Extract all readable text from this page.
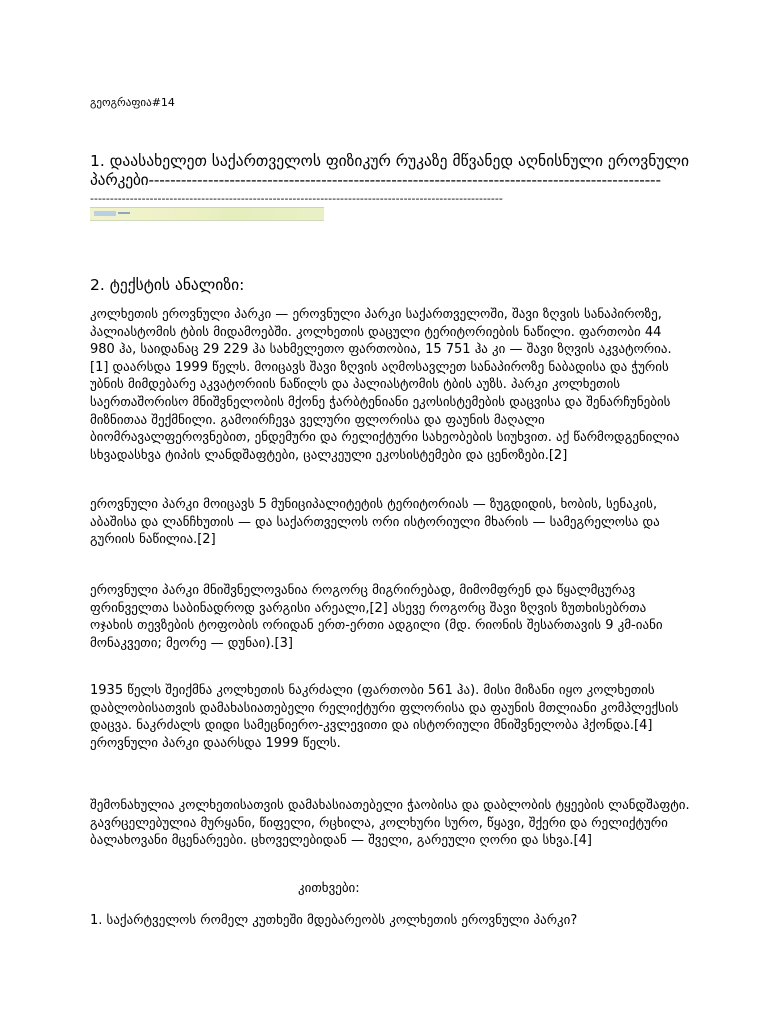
გეოგრაფია#14
1. დაასახელეთ საქართველოს ფიზიკურ რუკაზე მწვანედ აღნისნული ეროვნული
პარკები-----------------------------------------------------------------------------------------------
--------------------------------------------------------------------------------------------------------
2. ტექსტის ანალიზი:

კოლხეთის ეროვნული პარკი — ეროვნული პარკი საქართველოში, შავი ზღვის სანაპიროზე, პალიასტომის ტბის მიდამოებში. კოლხეთის დაცული ტერიტორიების ნაწილი. ფართობი 44 980 ჰა, საიდანაც 29 229 ჰა სახმელეთო ფართობია, 15 751 ჰა კი — შავი ზღვის აკვატორია.[1] დაარსდა 1999 წელს. მოიცავს შავი ზღვის აღმოსავლეთ სანაპიროზე ნაბადისა და ჭურის უბნის მიმდებარე აკვატორიის ნაწილს და პალიასტომის ტბის აუზს. პარკი კოლხეთის საერთაშორისო მნიშვნელობის მქონე ჭარბტენიანი ეკოსისტემების დაცვისა და შენარჩუნების მიზნითაა შექმნილი. გამოირჩევა ველური ფლორისა და ფაუნის მაღალი ბიომრავალფეროვნებით, ენდემური და რელიქტური სახეობების სიუხვით. აქ წარმოდგენილია სხვადასხვა ტიპის ლანდშაფტები, ცალკეული ეკოსისტემები და ცენოზები.[2]

ეროვნული პარკი მოიცავს 5 მუნიციპალიტეტის ტერიტორიას — ზუგდიდის, ხობის, სენაკის, აბაშისა და ლანჩხუთის — და საქართველოს ორი ისტორიული მხარის — სამეგრელოსა და გურიის ნაწილია.[2]

ეროვნული პარკი მნიშვნელოვანია როგორც მიგრირებად, მიმომფრენ და წყალმცურავ ფრინველთა საბინადროდ ვარგისი არეალი,[2] ასევე როგორც შავი ზღვის ზუთხისებრთა ოჯახის თევზების ტოფობის ორიდან ერთ-ერთი ადგილი (მდ. რიონის შესართავის 9 კმ-იანი მონაკვეთი; მეორე — დუნაი).[3]

1935 წელს შეიქმნა კოლხეთის ნაკრძალი (ფართობი 561 ჰა). მისი მიზანი იყო კოლხეთის დაბლობისათვის დამახასიათებელი რელიქტური ფლორისა და ფაუნის მთლიანი კომპლექსის დაცვა. ნაკრძალს დიდი სამეცნიერო-კვლევითი და ისტორიული მნიშვნელობა ჰქონდა.[4] ეროვნული პარკი დაარსდა 1999 წელს.

შემონახულია კოლხეთისათვის დამახასიათებელი ჭაობისა და დაბლობის ტყეების ლანდშაფტი. გავრცელებულია მურყანი, წიფელი, რცხილა, კოლხური სურო, წყავი, შქერი და რელიქტური ბალახოვანი მცენარეები. ცხოველებიდან — შველი, გარეული ღორი და სხვა.[4]

კითხვები:
1. საქარტველოს რომელ კუთხეში მდებარეობს კოლხეთის ეროვნული პარკი?
